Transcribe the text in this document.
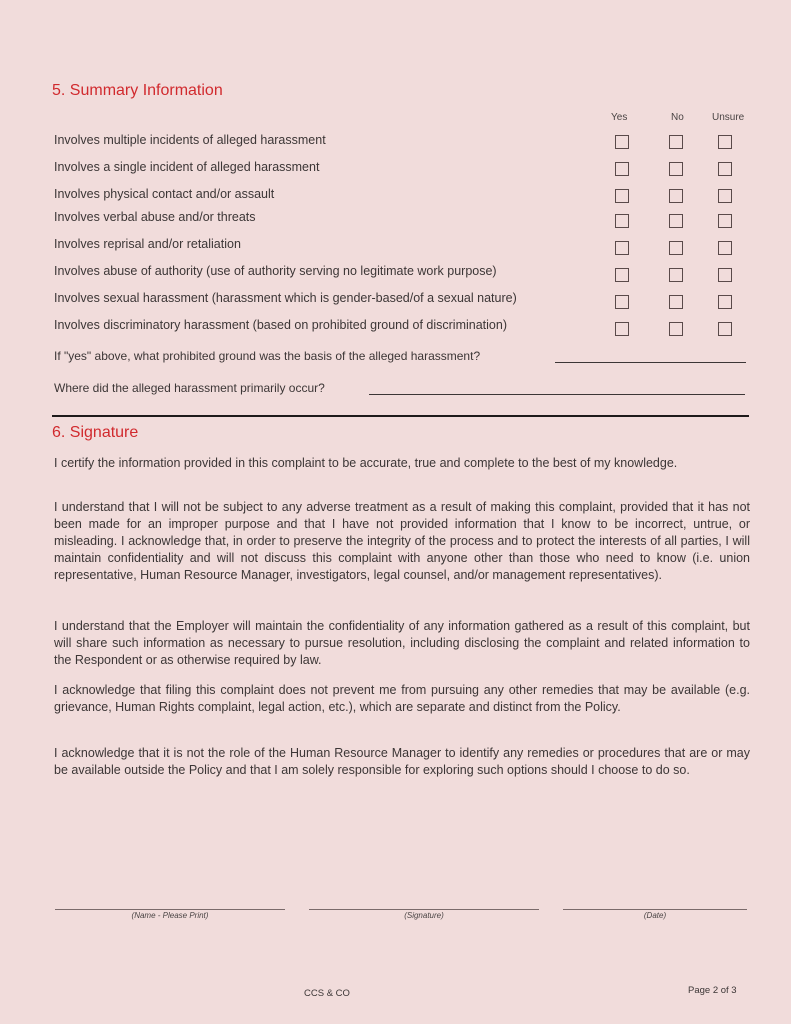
5. Summary Information
Yes	No	Unsure
Involves multiple incidents of alleged harassment
Involves a single incident of alleged harassment
Involves physical contact and/or assault
Involves verbal abuse and/or threats
Involves reprisal and/or retaliation
Involves abuse of authority (use of authority serving no legitimate work purpose)
Involves sexual harassment (harassment which is gender-based/of a sexual nature)
Involves discriminatory harassment (based on prohibited ground of discrimination)
If "yes" above, what prohibited ground was the basis of the alleged harassment?
Where did the alleged harassment primarily occur?
6. Signature

I certify the information provided in this complaint to be accurate, true and complete to the best of my knowledge.

I understand that I will not be subject to any adverse treatment as a result of making this complaint, provided that it has not been made for an improper purpose and that I have not provided information that I know to be incorrect, untrue, or misleading. I acknowledge that, in order to preserve the integrity of the process and to protect the interests of all parties, I will maintain confidentiality and will not discuss this complaint with anyone other than those who need to know (i.e. union representative, Human Resource Manager, investigators, legal counsel, and/or management representatives).

I understand that the Employer will maintain the confidentiality of any information gathered as a result of this complaint, but will share such information as necessary to pursue resolution, including disclosing the complaint and related information to the Respondent or as otherwise required by law.

I acknowledge that filing this complaint does not prevent me from pursuing any other remedies that may be available (e.g. grievance, Human Rights complaint, legal action, etc.), which are separate and distinct from the Policy.

I acknowledge that it is not the role of the Human Resource Manager to identify any remedies or procedures that are or may be available outside the Policy and that I am solely responsible for exploring such options should I choose to do so.

(Name - Please Print)	(Signature)	(Date)
CCS & CO	Page 2 of 3
